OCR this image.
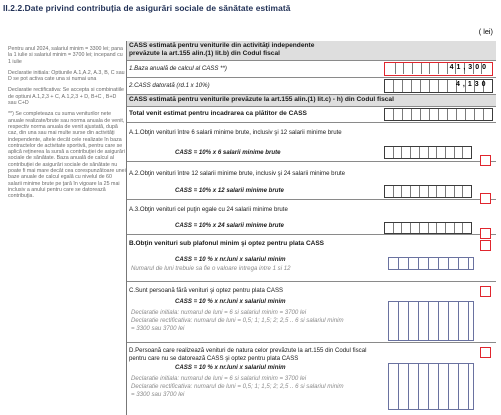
II.2.2.Date privind contribuția de asigurări sociale de sănătate estimată
( lei)

Pentru anul 2024, salariul minim = 3300 lei; pana la 1 iulie si salariul minim = 3700 lei; incepand cu 1 iulie

Declaratie initiala: Optiunile A.1,A.2, A.3, B, C sau D se pot activa cate una si numai una

Declaratie rectificativa: Se accepta si combinatiile de optiuni A.1,2,3 + C, A.1,2,3 + D, B+C , B+D sau C+D

**) Se completeaza cu suma veniturilor nete anuale realizate/brute sau norma anuala de venit, respectiv norma anuala de venit ajustată, după caz, din una sau mai multe surse din activităţi independente, altele decât cele realizate în baza contractelor de activitate sportivă, pentru care se aplică reţinerea la sursă a contribuţiei de asigurări sociale de sănătate. Baza anuală de calcul al contribuţiei de asigurări sociale de sănătate nu poate fi mai mare decât cea corespunzătoare unei baze anuale de calcul egală cu nivelul de 60 salarii minime brute pe ţară în vigoare la 25 mai inclusiv a anului pentru care se datorează contribuţia.

CASS estimată pentru veniturile din activităţi independente
prevăzute la art.155 alin.(1) lit.b) din Codul fiscal
1.Baza anuală de calcul al CASS **)	41,300
2.CASS datorată (rd.1 x 10%)	4,130
CASS estimată pentru veniturile prevăzute la art.155 alin.(1) lit.c) - h) din Codul fiscal
Total venit estimat pentru incadrarea ca plătitor de CASS
A.1.Obţin venituri între 6 salarii minime brute, inclusiv şi 12 salarii minime brute
CASS = 10% x 6 salarii minime brute
A.2.Obţin venituri între 12 salarii minime brute, inclusiv şi 24 salarii minime brute
CASS = 10% x 12 salarii minime brute
A.3.Obţin venituri cel puţin egale cu 24 salarii minime brute
CASS = 10% x 24 salarii minime brute
B.Obţin venituri sub plafonul minim şi optez pentru plata CASS
CASS = 10 % x nr.luni x salariul minim
Numarul de luni trebuie sa fie o valoare intrega intre 1 si 12
C.Sunt persoană fără venituri şi optez pentru plata CASS
CASS = 10 % x nr.luni x salariul minim
Declaratie initiala: numarul de luni = 6 si salariul minim = 3700 lei
Declaratie rectificativa: numarul de luni = 0,5; 1; 1,5; 2; 2,5 .. 6 si salariul minim
= 3300 sau 3700 lei
D.Persoană care realizează venituri de natura celor prevăzute la art.155 din Codul fiscal
pentru care nu se datorează CASS şi optez pentru plata CASS
CASS = 10 % x nr.luni x salariul minim
Declaratie initiala: numarul de luni = 6 si salariul minim = 3700 lei
Declaratie rectificativa: numarul de luni = 0,5; 1; 1,5; 2; 2,5 .. 6 si salariul minim
= 3300 sau 3700 lei
